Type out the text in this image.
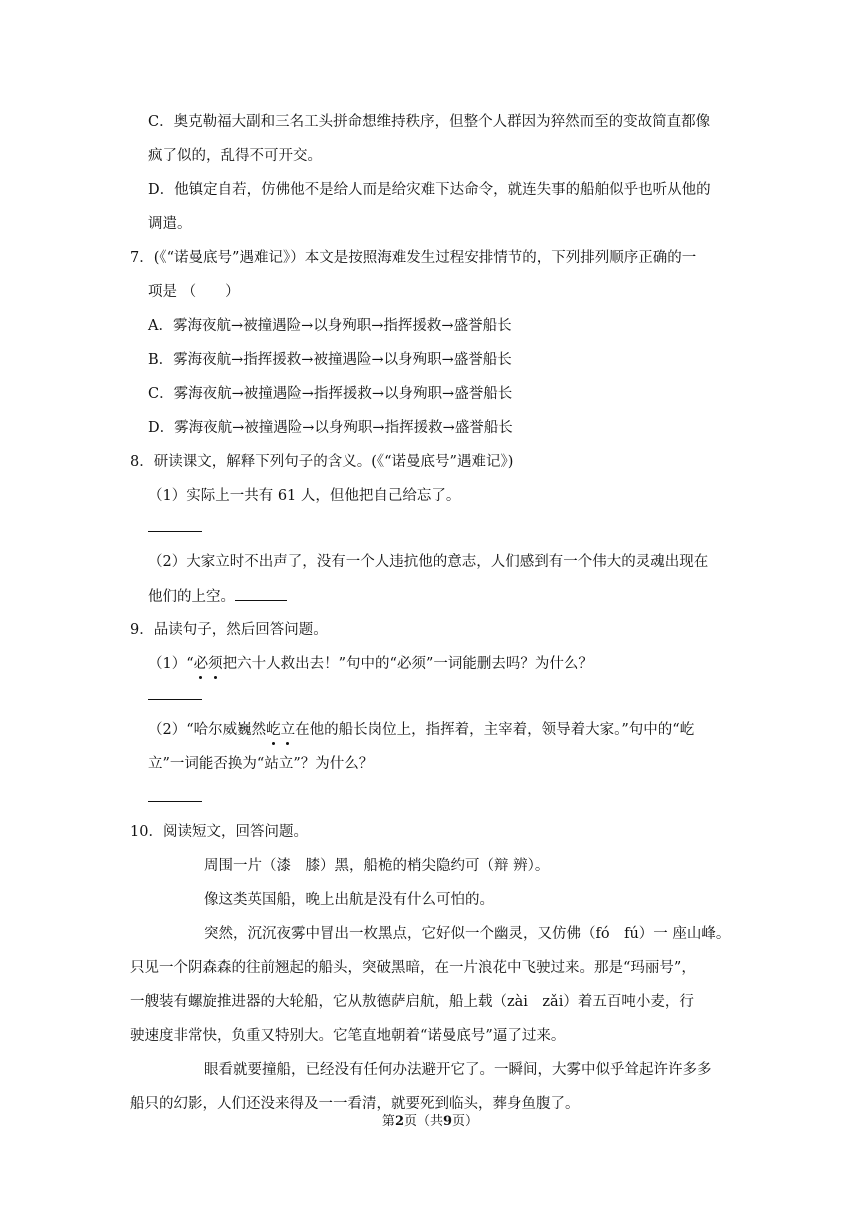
C．奥克勒福大副和三名工头拼命想维持秩序，但整个人群因为猝然而至的变故简直都像
疯了似的，乱得不可开交。
D．他镇定自若，仿佛他不是给人而是给灾难下达命令，就连失事的船舶似乎也听从他的
调遣。
7．(《“诺曼底号”遇难记》）本文是按照海难发生过程安排情节的，下列排列顺序正确的一
项是 （　　）
A．雾海夜航→被撞遇险→以身殉职→指挥援救→盛誉船长
B．雾海夜航→指挥援救→被撞遇险→以身殉职→盛誉船长
C．雾海夜航→被撞遇险→指挥援救→以身殉职→盛誉船长
D．雾海夜航→被撞遇险→以身殉职→指挥援救→盛誉船长
8．研读课文，解释下列句子的含义。(《“诺曼底号”遇难记》)
（1）实际上一共有 61 人，但他把自己给忘了。
（2）大家立时不出声了，没有一个人违抗他的意志，人们感到有一个伟大的灵魂出现在
他们的上空。
9．品读句子，然后回答问题。
（1）“必须把六十人救出去！”句中的“必须”一词能删去吗？为什么？
（2）“哈尔威巍然屹立在他的船长岗位上，指挥着，主宰着，领导着大家。”句中的“屹
立”一词能否换为“站立”？为什么？
10．阅读短文，回答问题。
周围一片（漆　膝）黑，船桅的梢尖隐约可（辩 辨）。
像这类英国船，晚上出航是没有什么可怕的。
突然，沉沉夜雾中冒出一枚黑点，它好似一个幽灵，又仿佛（fó　fú）一 座山峰。
只见一个阴森森的往前翘起的船头，突破黑暗，在一片浪花中飞驶过来。那是“玛丽号”，
一艘装有螺旋推进器的大轮船，它从敖德萨启航，船上载（zài　zǎi）着五百吨小麦，行
驶速度非常快，负重又特别大。它笔直地朝着“诺曼底号”逼了过来。
眼看就要撞船，已经没有任何办法避开它了。一瞬间，大雾中似乎耸起许许多多
船只的幻影，人们还没来得及一一看清，就要死到临头，葬身鱼腹了。
第2页（共9页）
